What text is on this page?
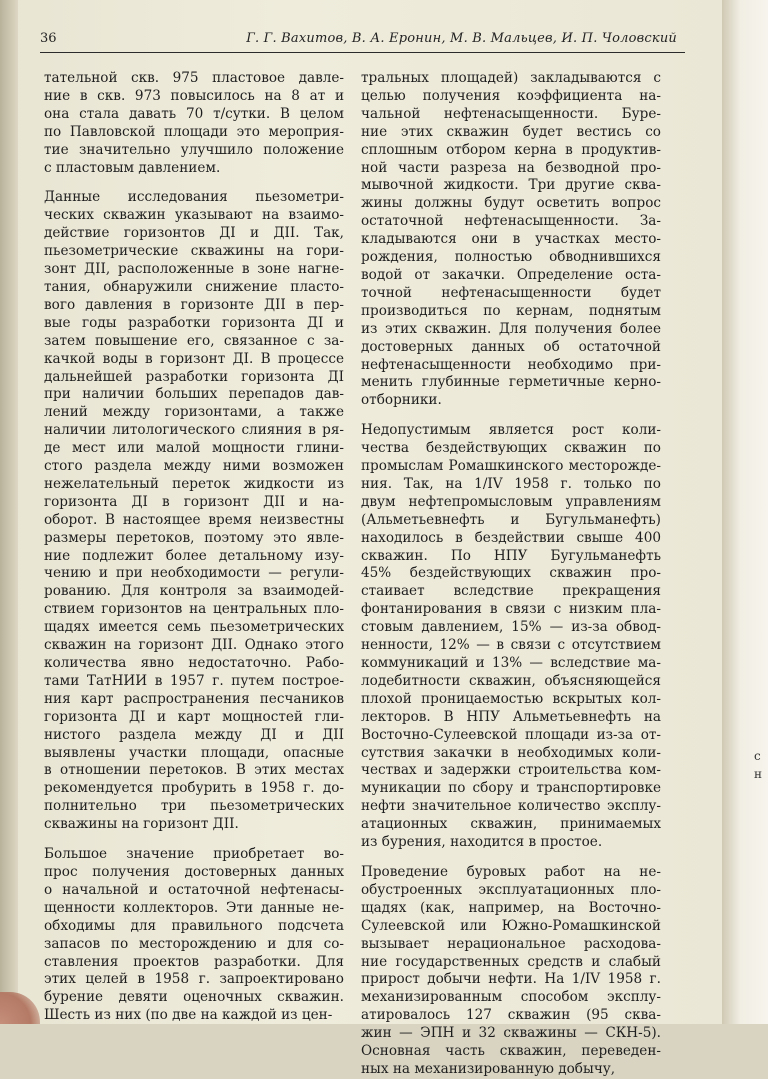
36	Г. Г. Вахитов, В. А. Еронин, М. В. Мальцев, И. П. Чоловский

тательной скв. 975 пластовое давле-
ние в скв. 973 повысилось на 8 ат и
она стала давать 70 т/сутки. В целом
по Павловской площади это мероприя-
тие значительно улучшило положение
с пластовым давлением.

Данные исследования пьезометри-
ческих скважин указывают на взаимо-
действие горизонтов ДI и ДII. Так,
пьезометрические скважины на гори-
зонт ДII, расположенные в зоне нагне-
тания, обнаружили снижение пласто-
вого давления в горизонте ДII в пер-
вые годы разработки горизонта ДI и
затем повышение его, связанное с за-
качкой воды в горизонт ДI. В процессе
дальнейшей разработки горизонта ДI
при наличии больших перепадов дав-
лений между горизонтами, а также
наличии литологического слияния в ря-
де мест или малой мощности глини-
стого раздела между ними возможен
нежелательный переток жидкости из
горизонта ДI в горизонт ДII и на-
оборот. В настоящее время неизвестны
размеры перетоков, поэтому это явле-
ние подлежит более детальному изу-
чению и при необходимости — регули-
рованию. Для контроля за взаимодей-
ствием горизонтов на центральных пло-
щадях имеется семь пьезометрических
скважин на горизонт ДII. Однако этого
количества явно недостаточно. Рабо-
тами ТатНИИ в 1957 г. путем построе-
ния карт распространения песчаников
горизонта ДI и карт мощностей гли-
нистого раздела между ДI и ДII
выявлены участки площади, опасные
в отношении перетоков. В этих местах
рекомендуется пробурить в 1958 г. до-
полнительно три пьезометрических
скважины на горизонт ДII.

Большое значение приобретает во-
прос получения достоверных данных
о начальной и остаточной нефтенасы-
щенности коллекторов. Эти данные не-
обходимы для правильного подсчета
запасов по месторождению и для со-
ставления проектов разработки. Для
этих целей в 1958 г. запроектировано
бурение девяти оценочных скважин.
Шесть из них (по две на каждой из цен-

тральных площадей) закладываются с
целью получения коэффициента на-
чальной нефтенасыщенности. Буре-
ние этих скважин будет вестись со
сплошным отбором керна в продуктив-
ной части разреза на безводной про-
мывочной жидкости. Три другие сква-
жины должны будут осветить вопрос
остаточной нефтенасыщенности. За-
кладываются они в участках место-
рождения, полностью обводнившихся
водой от закачки. Определение оста-
точной нефтенасыщенности будет
производиться по кернам, поднятым
из этих скважин. Для получения более
достоверных данных об остаточной
нефтенасыщенности необходимо при-
менить глубинные герметичные керно-
отборники.

Недопустимым является рост коли-
чества бездействующих скважин по
промыслам Ромашкинского месторожде-
ния. Так, на 1/IV 1958 г. только по
двум нефтепромысловым управлениям
(Альметьевнефть и Бугульманефть)
находилось в бездействии свыше 400
скважин. По НПУ Бугульманефть
45% бездействующих скважин про-
стаивает вследствие прекращения
фонтанирования в связи с низким пла-
стовым давлением, 15% — из-за обвод-
ненности, 12% — в связи с отсутствием
коммуникаций и 13% — вследствие ма-
лодебитности скважин, объясняющейся
плохой проницаемостью вскрытых кол-
лекторов. В НПУ Альметьевнефть на
Восточно-Сулеевской площади из-за от-
сутствия закачки в необходимых коли-
чествах и задержки строительства ком-
муникации по сбору и транспортировке
нефти значительное количество эксплу-
атационных скважин, принимаемых
из бурения, находится в простое.

Проведение буровых работ на не-
обустроенных эксплуатационных пло-
щадях (как, например, на Восточно-
Сулеевской или Южно-Ромашкинской
вызывает нерациональное расходова-
ние государственных средств и слабый
прирост добычи нефти. На 1/IV 1958 г.
механизированным способом эксплу-
атировалось 127 скважин (95 сква-
жин — ЭПН и 32 скважины — СКН-5).
Основная часть скважин, переведен-
ных на механизированную добычу,

с
н
